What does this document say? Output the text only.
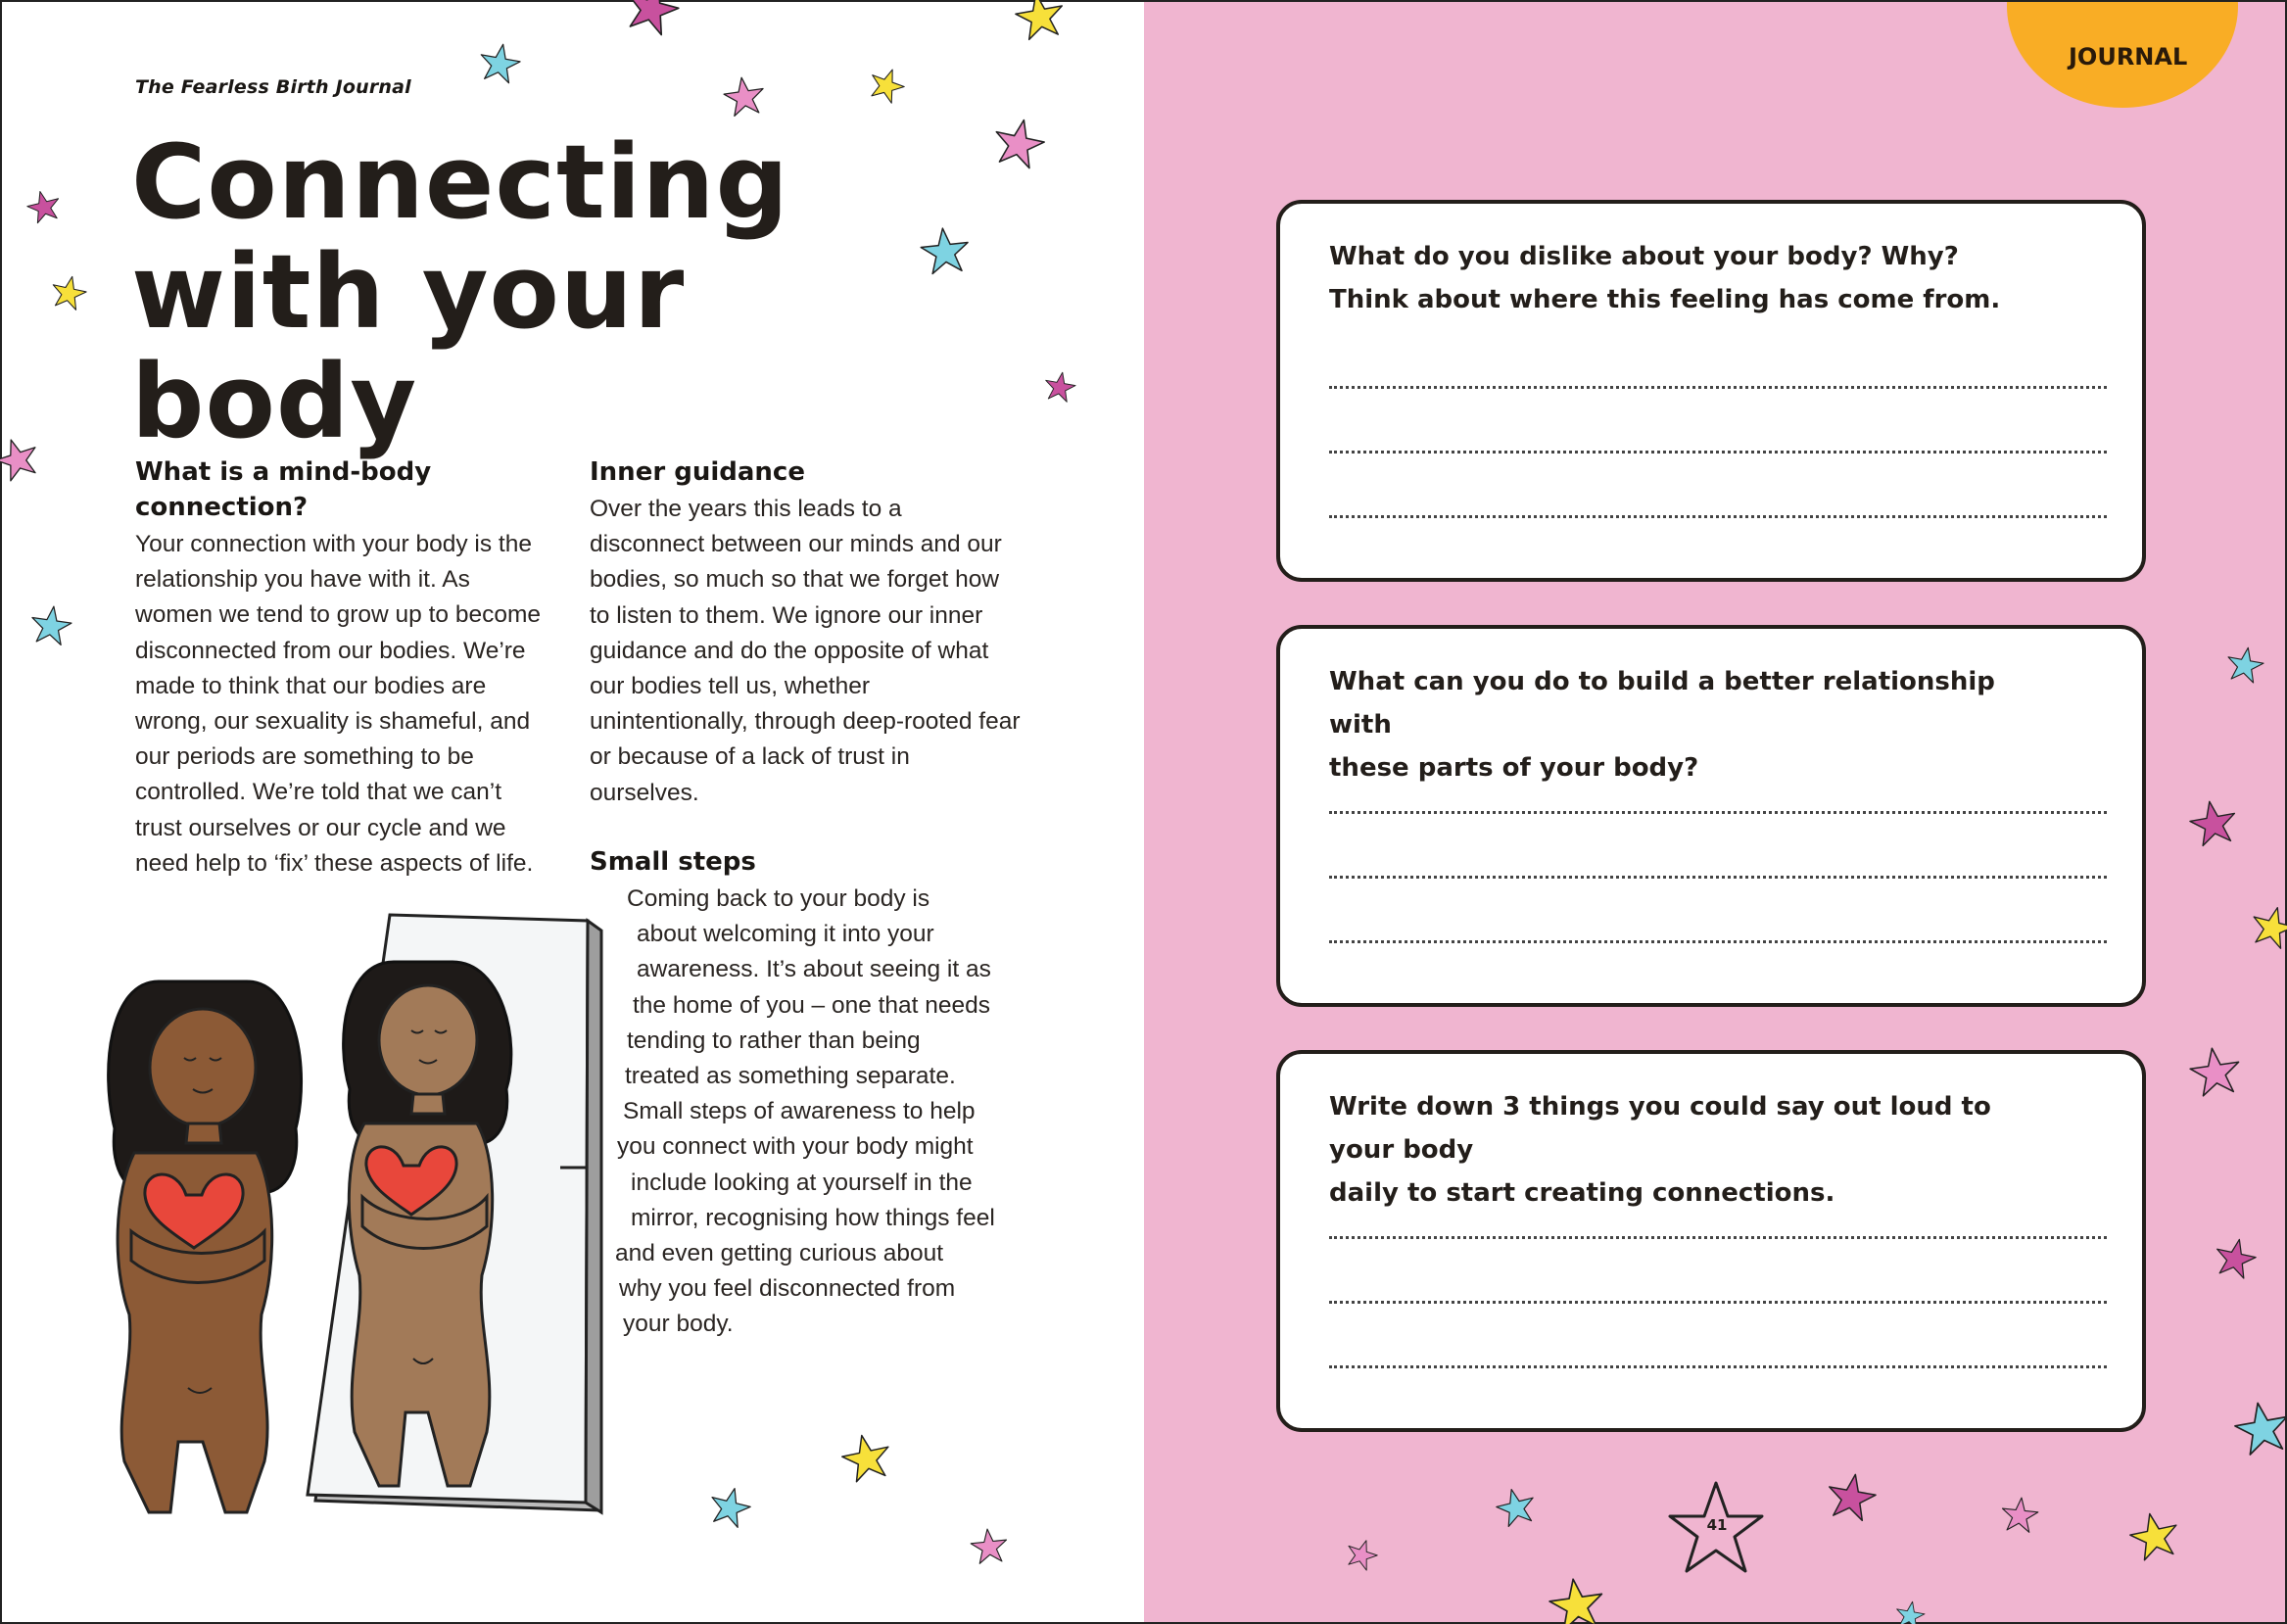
The Fearless Birth Journal
Connecting
with your body
What is a mind-body connection?

Your connection with your body is the relationship you have with it. As women we tend to grow up to become disconnected from our bodies. We’re made to think that our bodies are wrong, our sexuality is shameful, and our periods are something to be controlled. We’re told that we can’t trust ourselves or our cycle and we need help to ‘fix’ these aspects of life.

Inner guidance

Over the years this leads to a disconnect between our minds and our bodies, so much so that we forget how to listen to them. We ignore our inner guidance and do the opposite of what our bodies tell us, whether unintentionally, through deep-rooted fear or because of a lack of trust in ourselves.

Small steps

Coming back to your body is
about welcoming it into your
awareness. It’s about seeing it as
the home of you – one that needs
tending to rather than being
treated as something separate.
Small steps of awareness to help
you connect with your body might
include looking at yourself in the
mirror, recognising how things feel
and even getting curious about
why you feel disconnected from
your body.

JOURNAL
What do you dislike about your body? Why?
Think about where this feeling has come from.
What can you do to build a better relationship with
these parts of your body?
Write down 3 things you could say out loud to your body
daily to start creating connections.
41
